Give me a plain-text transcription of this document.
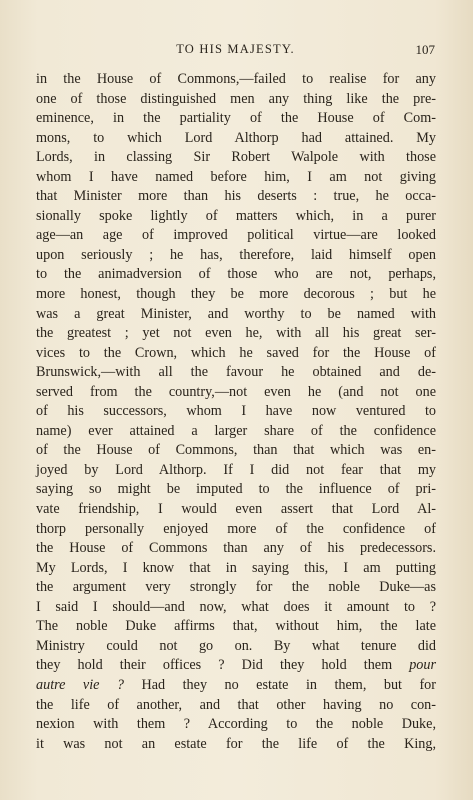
TO HIS MAJESTY.	107
in the House of Commons,—failed to realise for any
one of those distinguished men any thing like the pre-
eminence, in the partiality of the House of Com-
mons, to which Lord Althorp had attained. My
Lords, in classing Sir Robert Walpole with those
whom I have named before him, I am not giving
that Minister more than his deserts : true, he occa-
sionally spoke lightly of matters which, in a purer
age—an age of improved political virtue—are looked
upon seriously ; he has, therefore, laid himself open
to the animadversion of those who are not, perhaps,
more honest, though they be more decorous ; but he
was a great Minister, and worthy to be named with
the greatest ; yet not even he, with all his great ser-
vices to the Crown, which he saved for the House of
Brunswick,—with all the favour he obtained and de-
served from the country,—not even he (and not one
of his successors, whom I have now ventured to
name) ever attained a larger share of the confidence
of the House of Commons, than that which was en-
joyed by Lord Althorp. If I did not fear that my
saying so might be imputed to the influence of pri-
vate friendship, I would even assert that Lord Al-
thorp personally enjoyed more of the confidence of
the House of Commons than any of his predecessors.
My Lords, I know that in saying this, I am putting
the argument very strongly for the noble Duke—as
I said I should—and now, what does it amount to ?
The noble Duke affirms that, without him, the late
Ministry could not go on. By what tenure did
they hold their offices ? Did they hold them pour
autre vie ? Had they no estate in them, but for
the life of another, and that other having no con-
nexion with them ? According to the noble Duke,
it was not an estate for the life of the King,
